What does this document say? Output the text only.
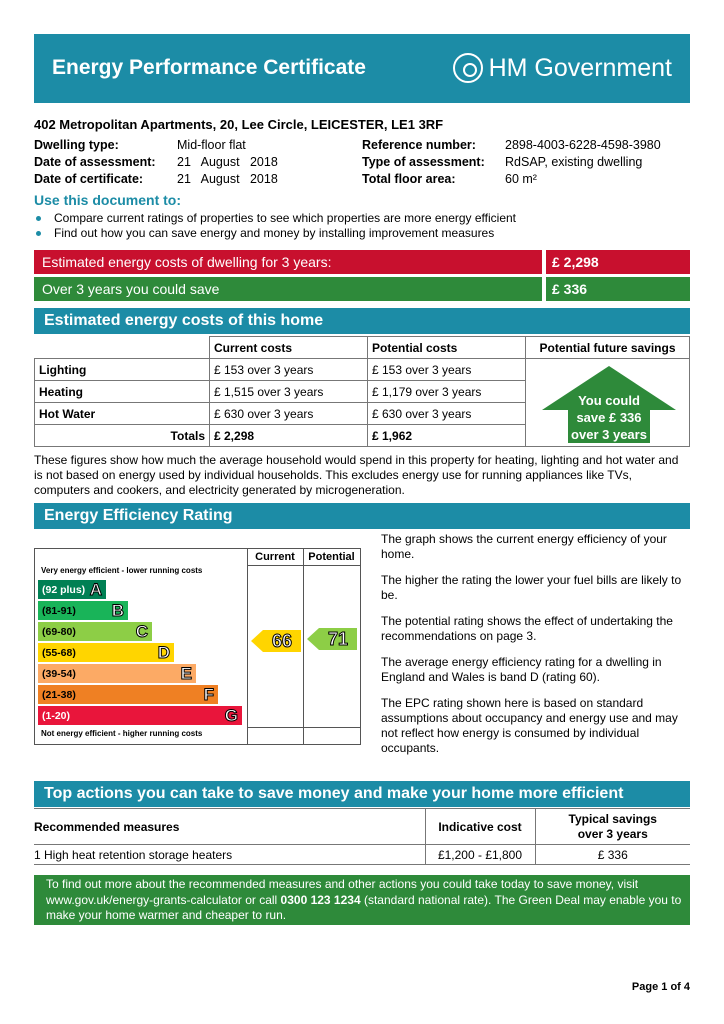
Energy Performance Certificate	HM Government
402 Metropolitan Apartments, 20, Lee Circle, LEICESTER, LE1 3RF
Dwelling type:	Mid-floor flat
Date of assessment: 21   August   2018
Date of certificate:	21   August   2018
Reference number: 2898-4003-6228-4598-3980
Type of assessment: RdSAP, existing dwelling
Total floor area:	60 m²
Use this document to:
Compare current ratings of properties to see which properties are more energy efficient
Find out how you can save energy and money by installing improvement measures
Estimated energy costs of dwelling for 3 years:	£ 2,298
Over 3 years you could save	£ 336
Estimated energy costs of this home
	Current costs	Potential costs	Potential future savings
Lighting	£ 153 over 3 years	£ 153 over 3 years	
Heating	£ 1,515 over 3 years	£ 1,179 over 3 years	
Hot Water	£ 630 over 3 years	£ 630 over 3 years	
Totals	£ 2,298	£ 1,962	
You could
save £ 336
over 3 years
These figures show how much the average household would spend in this property for heating, lighting and hot water and is not based on energy used by individual households. This excludes energy use for running appliances like TVs, computers and cookers, and electricity generated by microgeneration.
Energy Efficiency Rating
Current	Potential
Very energy efficient - lower running costs
Not energy efficient - higher running costs
(92 plus) A
(81-91) B
(69-80)	C
(55-68)	D
(39-54)	E
(21-38)	F
(1-20)	G
66	71
The graph shows the current energy efficiency of your home.
The higher the rating the lower your fuel bills are likely to be.
The potential rating shows the effect of undertaking the recommendations on page 3.
The average energy efficiency rating for a dwelling in England and Wales is band D (rating 60).
The EPC rating shown here is based on standard assumptions about occupancy and energy use and may not reflect how energy is consumed by individual occupants.
Top actions you can take to save money and make your home more efficient
Recommended measures	Indicative cost	Typical savings
over 3 years

1 High heat retention storage heaters	£1,200 - £1,800	£ 336
To find out more about the recommended measures and other actions you could take today to save money, visit
www.gov.uk/energy-grants-calculator or call 0300 123 1234 (standard national rate). The Green Deal may enable you to
make your home warmer and cheaper to run.
Page 1 of 4
